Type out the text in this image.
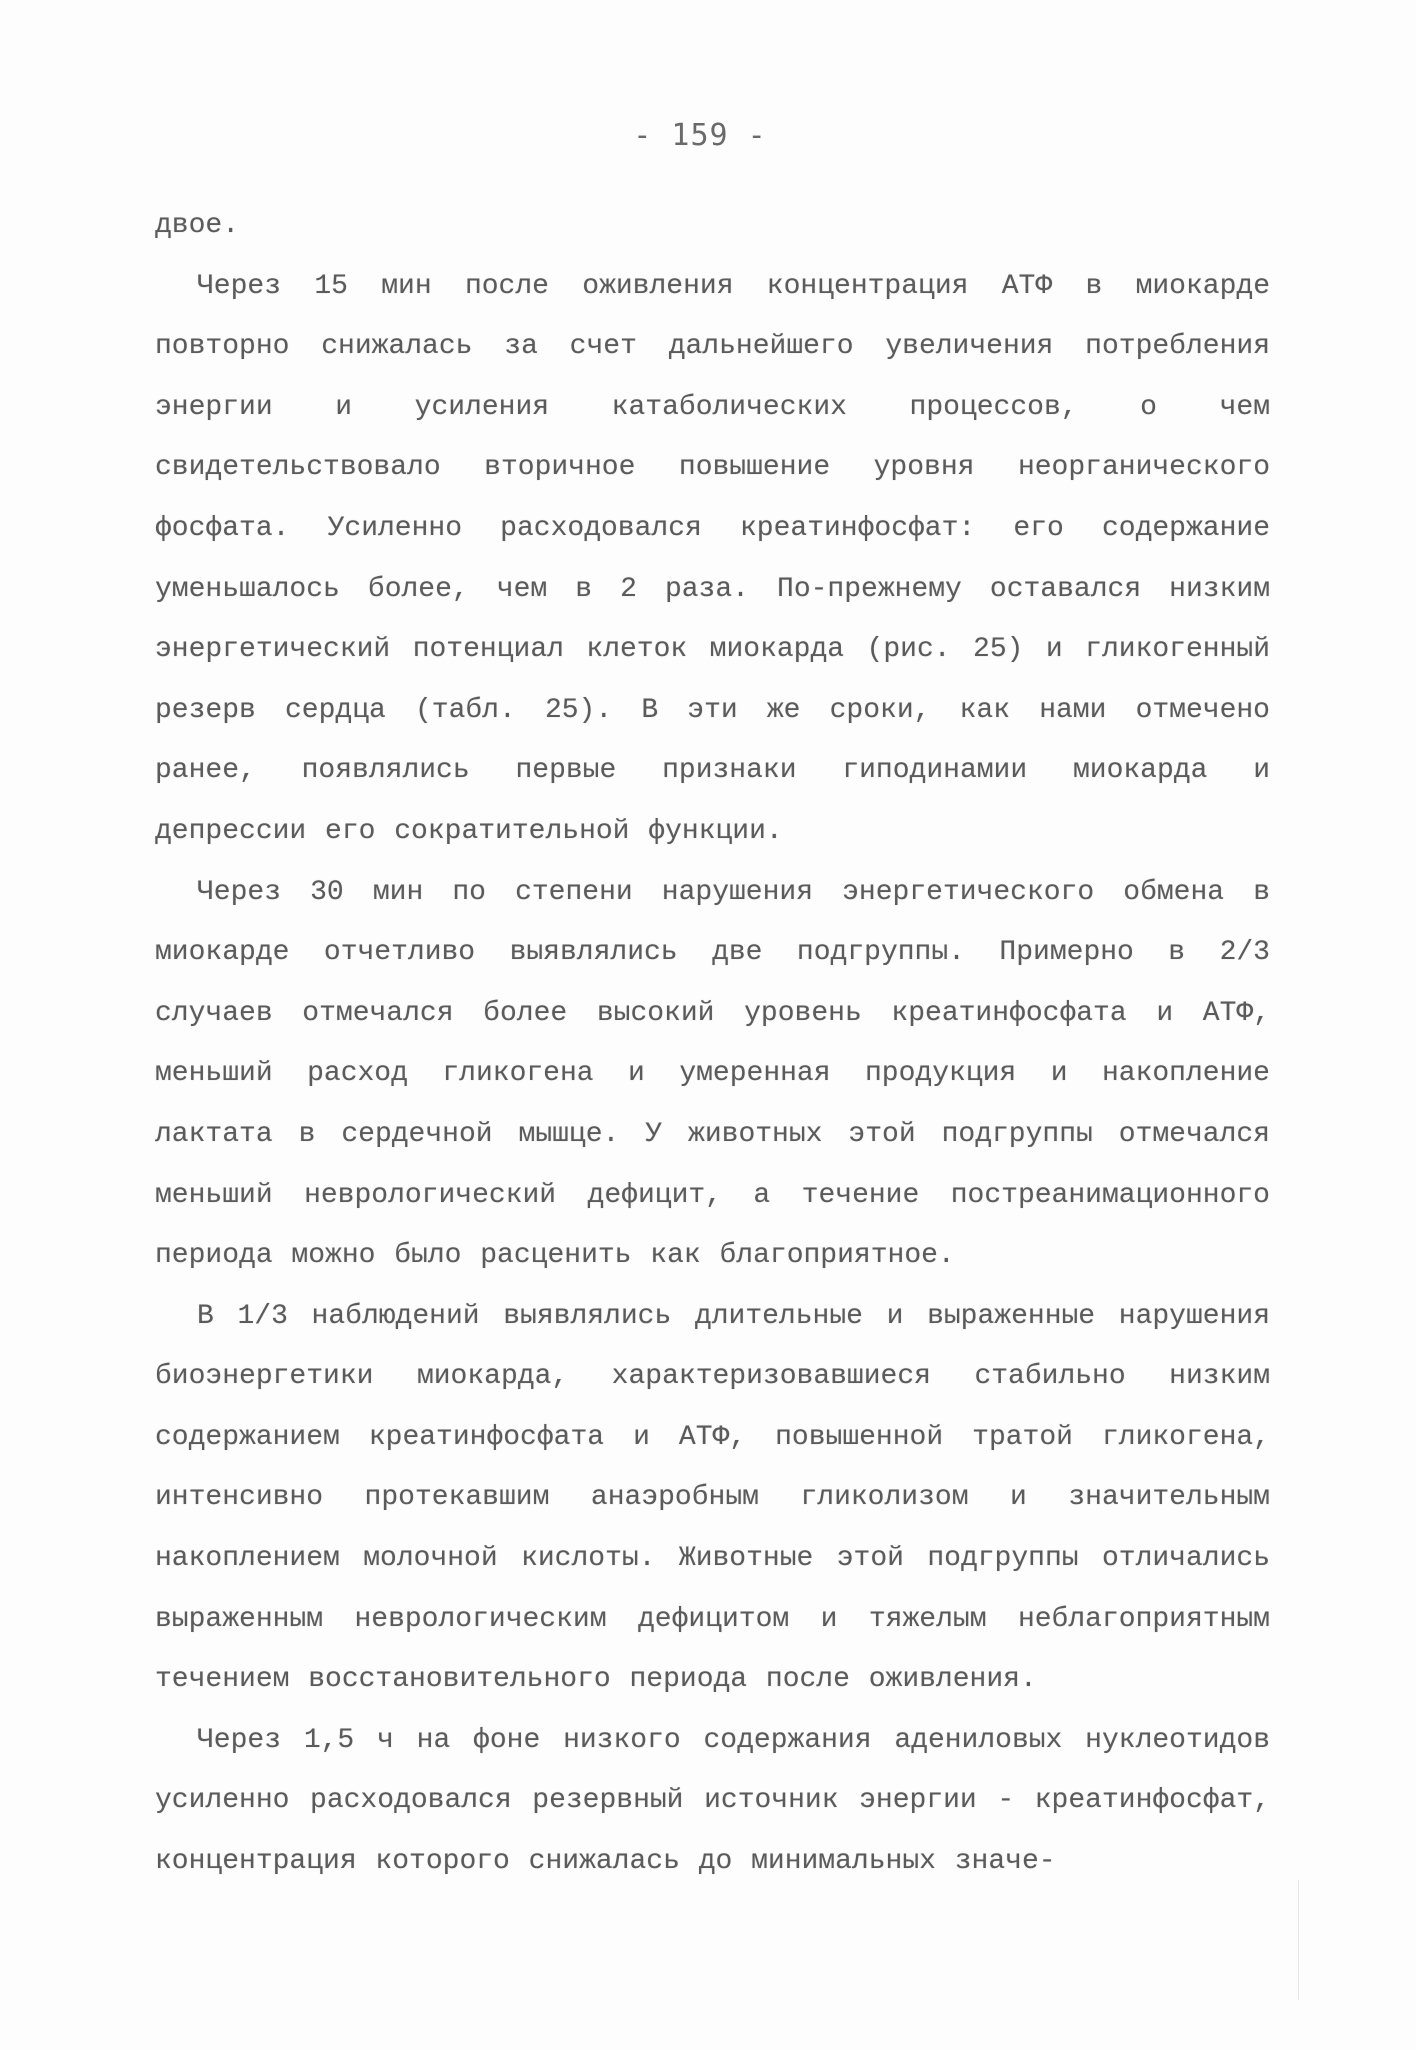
- 159 -

двое.

Через 15 мин после оживления концентрация АТФ в миокарде повторно снижалась за счет дальнейшего увеличения потребления энергии и усиления катаболических процессов, о чем свидетельствовало вторичное повышение уровня неорганического фосфата. Усиленно расходовался креатинфосфат: его содержание уменьшалось более, чем в 2 раза. По-прежнему оставался низким энергетический потенциал клеток миокарда (рис. 25) и гликогенный резерв сердца (табл. 25). В эти же сроки, как нами отмечено ранее, появлялись первые признаки гиподинамии миокарда и депрессии его сократительной функции.

Через 30 мин по степени нарушения энергетического обмена в миокарде отчетливо выявлялись две подгруппы. Примерно в 2/3 случаев отмечался более высокий уровень креатинфосфата и АТФ, меньший расход гликогена и умеренная продукция и накопление лактата в сердечной мышце. У животных этой подгруппы отмечался меньший неврологический дефицит, а течение постреанимационного периода можно было расценить как благоприятное.

В 1/3 наблюдений выявлялись длительные и выраженные нарушения биоэнергетики миокарда, характеризовавшиеся стабильно низким содержанием креатинфосфата и АТФ, повышенной тратой гликогена, интенсивно протекавшим анаэробным гликолизом и значительным накоплением молочной кислоты. Животные этой подгруппы отличались выраженным неврологическим дефицитом и тяжелым неблагоприятным течением восстановительного периода после оживления.

Через 1,5 ч на фоне низкого содержания адениловых нуклеотидов усиленно расходовался резервный источник энергии - креатинфосфат, концентрация которого снижалась до минимальных значе-
